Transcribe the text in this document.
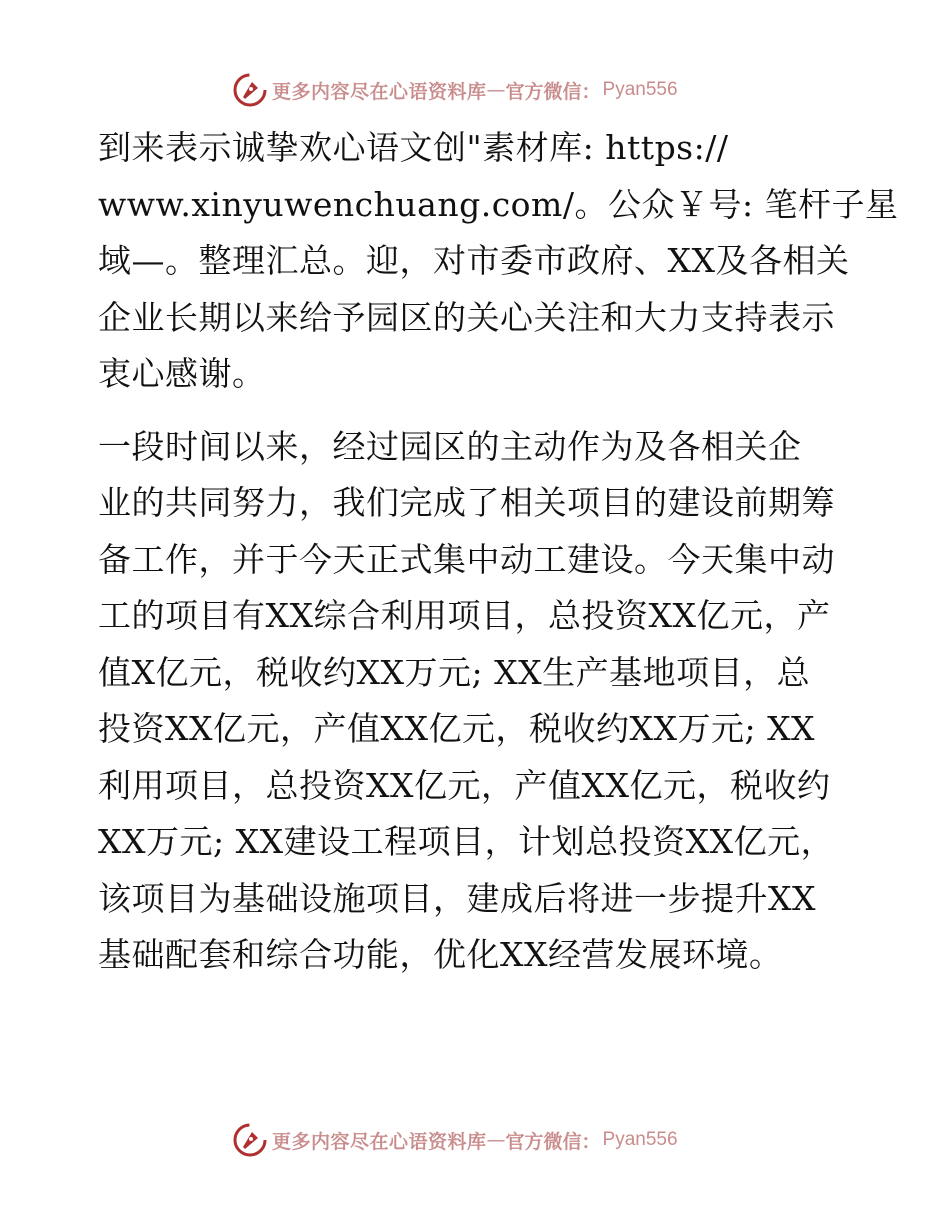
更多内容尽在心语资料库 — 官方微信： Pyan556
到来表示诚挚欢心语文创"素材库: https://
www.xinyuwenchuang.com/。公众￥号: 笔杆子星
域—。整理汇总。迎，对市委市政府、XX及各相关
企业长期以来给予园区的关心关注和大力支持表示
衷心感谢。
一段时间以来，经过园区的主动作为及各相关企
业的共同努力，我们完成了相关项目的建设前期筹
备工作，并于今天正式集中动工建设。今天集中动
工的项目有XX综合利用项目，总投资XX亿元，产
值X亿元，税收约XX万元; XX生产基地项目，总
投资XX亿元，产值XX亿元，税收约XX万元; XX
利用项目，总投资XX亿元，产值XX亿元，税收约
XX万元; XX建设工程项目，计划总投资XX亿元，
该项目为基础设施项目，建成后将进一步提升XX
基础配套和综合功能，优化XX经营发展环境。
更多内容尽在心语资料库 — 官方微信： Pyan556
